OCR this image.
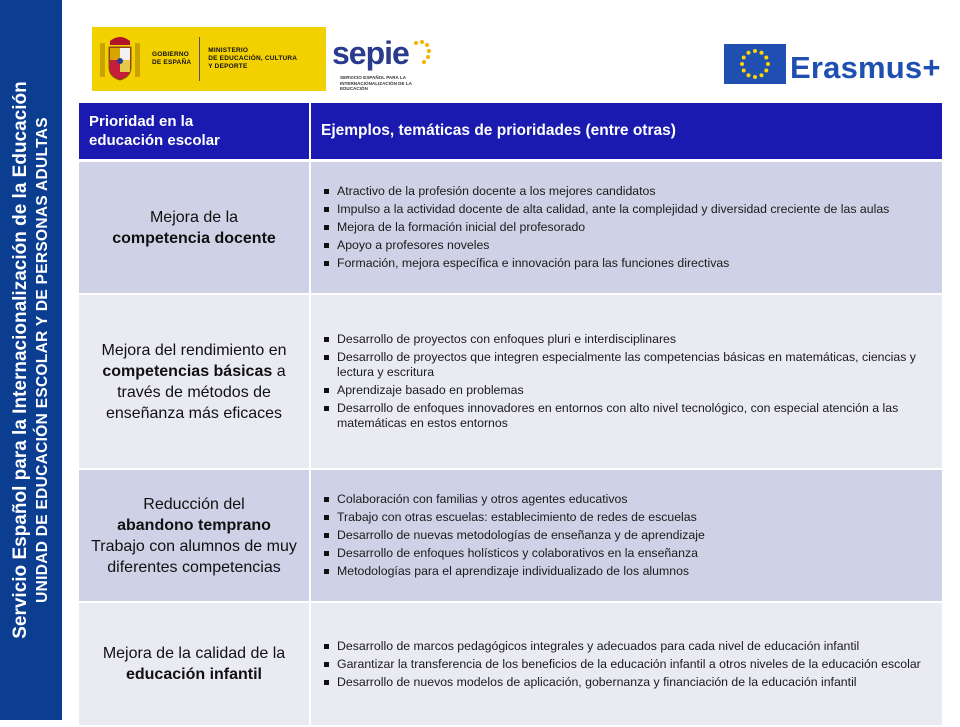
Servicio Español para la Internacionalización de la Educación UNIDAD DE EDUCACIÓN ESCOLAR Y DE PERSONAS ADULTAS
GOBIERNO
DE ESPAÑA
MINISTERIO
DE EDUCACIÓN, CULTURA
Y DEPORTE	sepie
SERVICIO ESPAÑOL PARA LA
INTERNACIONALIZACIÓN DE LA EDUCACIÓN
Erasmus+
Prioridad en la
educación escolar
Ejemplos, temáticas de prioridades (entre otras)
Mejora de la
competencia docente
Atractivo de la profesión docente a los mejores candidatos
Impulso a la actividad docente de alta calidad, ante la complejidad y diversidad creciente de las aulas
Mejora de la formación inicial del profesorado
Apoyo a profesores noveles
Formación, mejora específica e innovación para las funciones directivas
Mejora del rendimiento en competencias básicas a través de métodos de enseñanza más eficaces
Desarrollo de proyectos con enfoques pluri e interdisciplinares
Desarrollo de proyectos que integren especialmente las competencias básicas en matemáticas, ciencias y lectura y escritura
Aprendizaje basado en problemas
Desarrollo de enfoques innovadores en entornos con alto nivel tecnológico, con especial atención a las matemáticas en estos entornos
Reducción del
abandono temprano
Trabajo con alumnos de muy diferentes competencias
Colaboración con familias y otros agentes educativos
Trabajo con otras escuelas: establecimiento de redes de escuelas
Desarrollo de nuevas metodologías de enseñanza y de aprendizaje
Desarrollo de enfoques holísticos y colaborativos en la enseñanza
Metodologías para el aprendizaje individualizado de los alumnos
Mejora de la calidad de la educación infantil
Desarrollo de marcos pedagógicos integrales y adecuados para cada nivel de educación infantil
Garantizar la transferencia de los beneficios de la educación infantil a otros niveles de la educación escolar
Desarrollo de nuevos modelos de aplicación, gobernanza y financiación de la educación infantil
